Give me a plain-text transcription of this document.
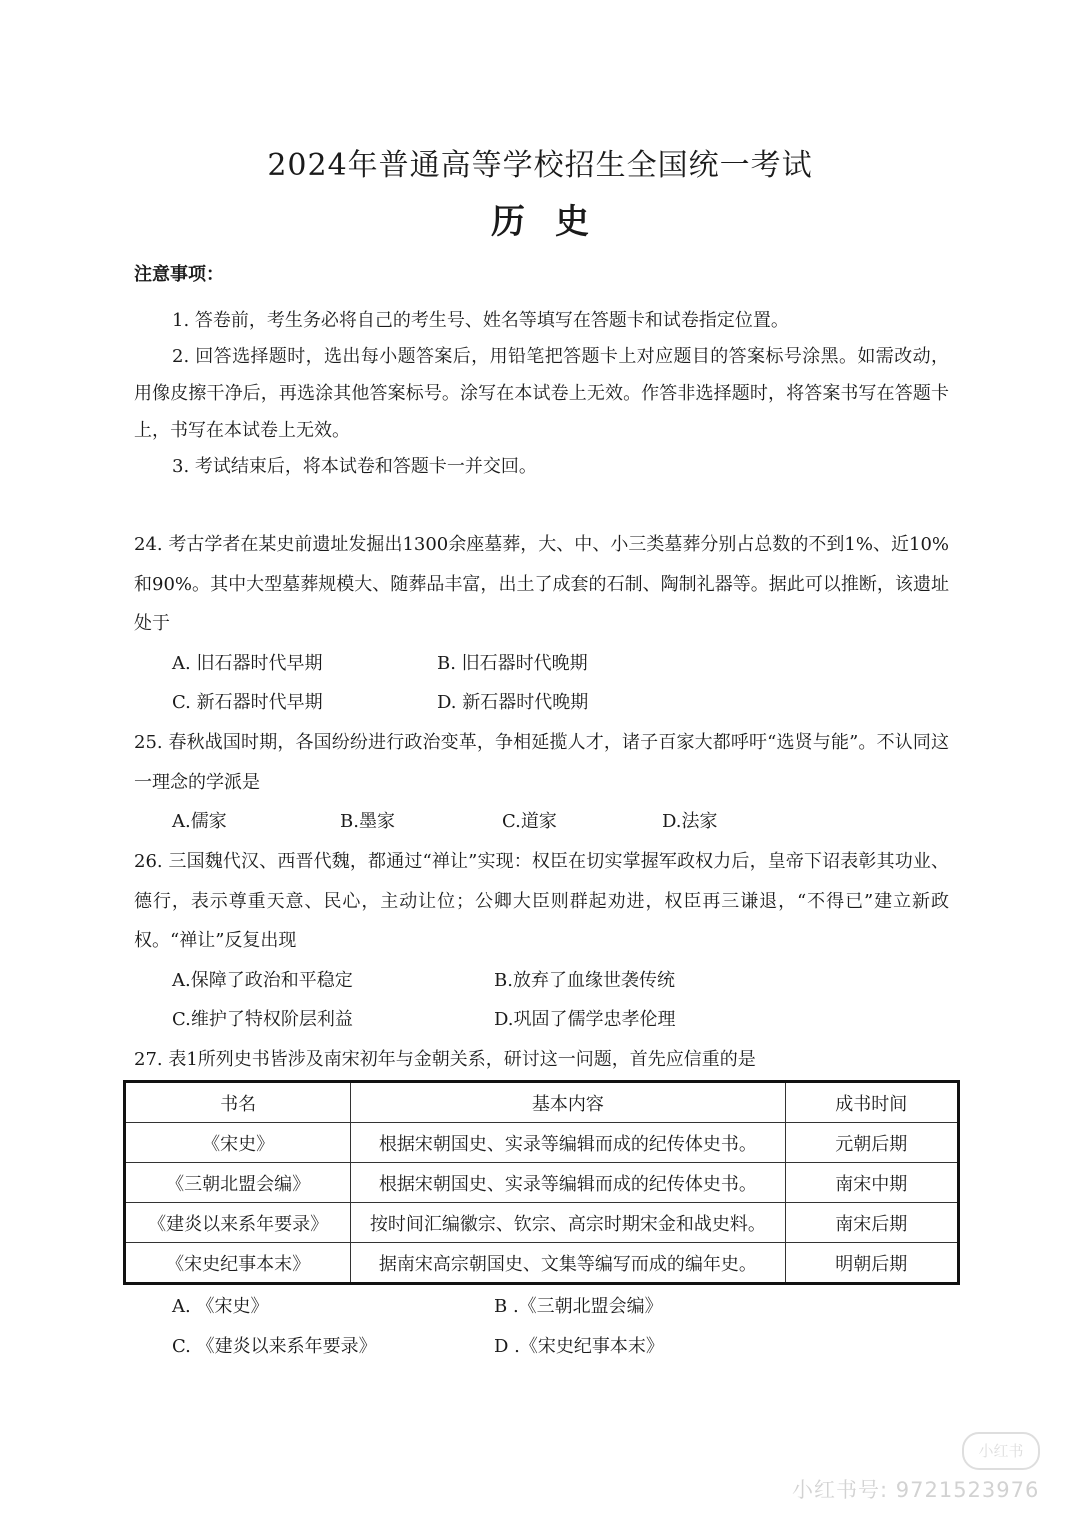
2024年普通高等学校招生全国统一考试
历史
注意事项：
1. 答卷前，考生务必将自己的考生号、姓名等填写在答题卡和试卷指定位置。
2. 回答选择题时，选出每小题答案后，用铅笔把答题卡上对应题目的答案标号涂黑。如需改动，用像皮擦干净后，再选涂其他答案标号。涂写在本试卷上无效。作答非选择题时，将答案书写在答题卡上，书写在本试卷上无效。
3. 考试结束后，将本试卷和答题卡一并交回。
24. 考古学者在某史前遗址发掘出1300余座墓葬，大、中、小三类墓葬分别占总数的不到1%、近10%和90%。其中大型墓葬规模大、随葬品丰富，出土了成套的石制、陶制礼器等。据此可以推断，该遗址处于
A. 旧石器时代早期	B. 旧石器时代晚期
C. 新石器时代早期	D. 新石器时代晚期
25. 春秋战国时期，各国纷纷进行政治变革，争相延揽人才，诸子百家大都呼吁“选贤与能”。不认同这一理念的学派是
A.儒家	B.墨家	C.道家	D.法家
26. 三国魏代汉、西晋代魏，都通过“禅让”实现：权臣在切实掌握军政权力后，皇帝下诏表彰其功业、德行，表示尊重天意、民心，主动让位；公卿大臣则群起劝进，权臣再三谦退，“不得已”建立新政权。“禅让”反复出现
A.保障了政治和平稳定	B.放弃了血缘世袭传统
C.维护了特权阶层利益	D.巩固了儒学忠孝伦理
27. 表1所列史书皆涉及南宋初年与金朝关系，研讨这一问题，首先应信重的是
书名	基本内容	成书时间
《宋史》	根据宋朝国史、实录等编辑而成的纪传体史书。	元朝后期
《三朝北盟会编》	根据宋朝国史、实录等编辑而成的纪传体史书。	南宋中期
《建炎以来系年要录》	按时间汇编徽宗、钦宗、高宗时期宋金和战史料。	南宋后期
《宋史纪事本末》	据南宋高宗朝国史、文集等编写而成的编年史。	明朝后期
A. 《宋史》	B .《三朝北盟会编》
C. 《建炎以来系年要录》	D .《宋史纪事本末》
小红书
小红书号: 9721523976
